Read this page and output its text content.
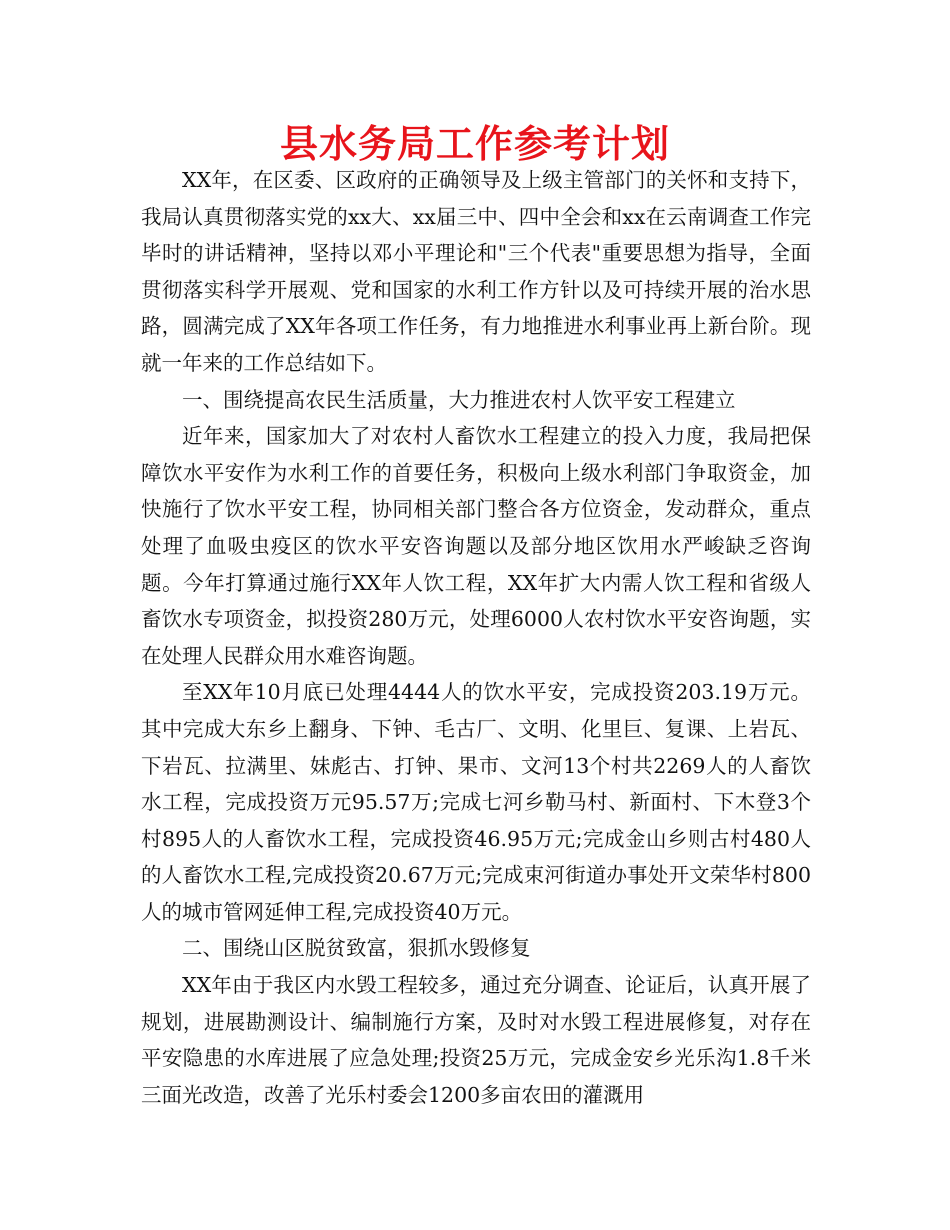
县水务局工作参考计划

XX年，在区委、区政府的正确领导及上级主管部门的关怀和支持下，我局认真贯彻落实党的xx大、xx届三中、四中全会和xx在云南调查工作完毕时的讲话精神，坚持以邓小平理论和"三个代表"重要思想为指导，全面贯彻落实科学开展观、党和国家的水利工作方针以及可持续开展的治水思路，圆满完成了XX年各项工作任务，有力地推进水利事业再上新台阶。现就一年来的工作总结如下。

一、围绕提高农民生活质量，大力推进农村人饮平安工程建立

近年来，国家加大了对农村人畜饮水工程建立的投入力度，我局把保障饮水平安作为水利工作的首要任务，积极向上级水利部门争取资金，加快施行了饮水平安工程，协同相关部门整合各方位资金，发动群众，重点处理了血吸虫疫区的饮水平安咨询题以及部分地区饮用水严峻缺乏咨询题。今年打算通过施行XX年人饮工程，XX年扩大内需人饮工程和省级人畜饮水专项资金，拟投资280万元，处理6000人农村饮水平安咨询题，实在处理人民群众用水难咨询题。

至XX年10月底已处理4444人的饮水平安，完成投资203.19万元。其中完成大东乡上翻身、下钟、毛古厂、文明、化里巨、复课、上岩瓦、下岩瓦、拉满里、妹彪古、打钟、果市、文河13个村共2269人的人畜饮水工程，完成投资万元95.57万;完成七河乡勒马村、新面村、下木登3个村895人的人畜饮水工程，完成投资46.95万元;完成金山乡则古村480人的人畜饮水工程,完成投资20.67万元;完成束河街道办事处开文荣华村800人的城市管网延伸工程,完成投资40万元。

二、围绕山区脱贫致富，狠抓水毁修复

XX年由于我区内水毁工程较多，通过充分调查、论证后，认真开展了规划，进展勘测设计、编制施行方案，及时对水毁工程进展修复，对存在平安隐患的水库进展了应急处理;投资25万元，完成金安乡光乐沟1.8千米三面光改造，改善了光乐村委会1200多亩农田的灌溉用
